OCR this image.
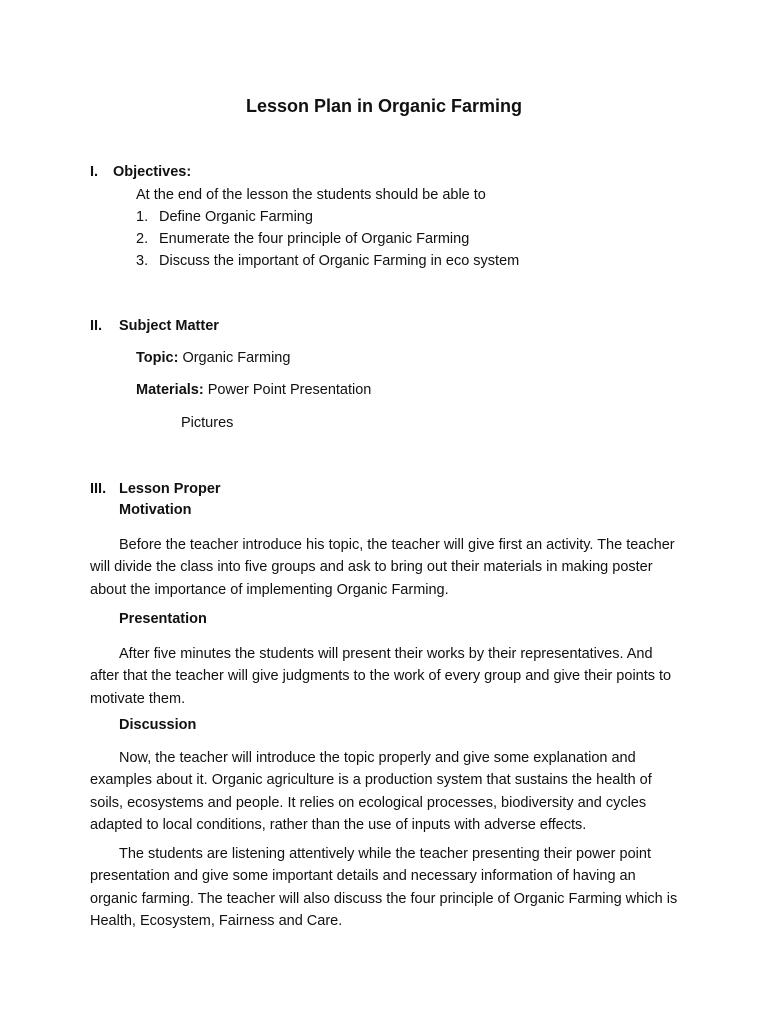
Lesson Plan in Organic Farming
I. Objectives:
At the end of the lesson the students should be able to
1. Define Organic Farming
2. Enumerate the four principle of Organic Farming
3. Discuss the important of Organic Farming in eco system
II. Subject Matter
Topic: Organic Farming
Materials: Power Point Presentation
Pictures
III. Lesson Proper
Motivation
Before the teacher introduce his topic, the teacher will give first an activity. The teacher will divide the class into five groups and ask to bring out their materials in making poster about the importance of implementing Organic Farming.
Presentation
After five minutes the students will present their works by their representatives. And after that the teacher will give judgments to the work of every group and give their points to motivate them.
Discussion
Now, the teacher will introduce the topic properly and give some explanation and examples about it. Organic agriculture is a production system that sustains the health of soils, ecosystems and people. It relies on ecological processes, biodiversity and cycles adapted to local conditions, rather than the use of inputs with adverse effects.
The students are listening attentively while the teacher presenting their power point presentation and give some important details and necessary information of having an organic farming. The teacher will also discuss the four principle of Organic Farming which is Health, Ecosystem, Fairness and Care.
